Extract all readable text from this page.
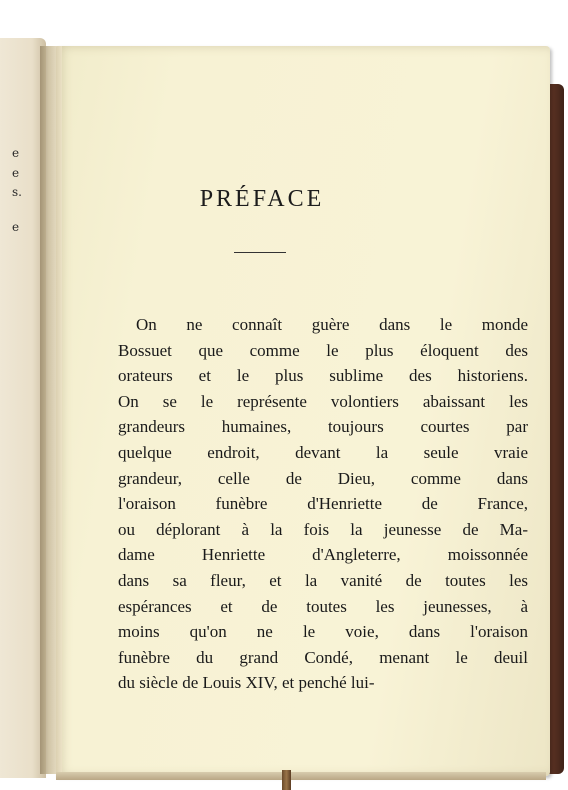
e
e
s.
e
PRÉFACE
On ne connaît guère dans le monde
Bossuet que comme le plus éloquent des
orateurs et le plus sublime des historiens.
On se le représente volontiers abaissant les
grandeurs humaines, toujours courtes par
quelque endroit, devant la seule vraie
grandeur, celle de Dieu, comme dans
l'oraison funèbre d'Henriette de France,
ou déplorant à la fois la jeunesse de Ma-
dame Henriette d'Angleterre, moissonnée
dans sa fleur, et la vanité de toutes les
espérances et de toutes les jeunesses, à
moins qu'on ne le voie, dans l'oraison
funèbre du grand Condé, menant le deuil
du siècle de Louis XIV, et penché lui-
